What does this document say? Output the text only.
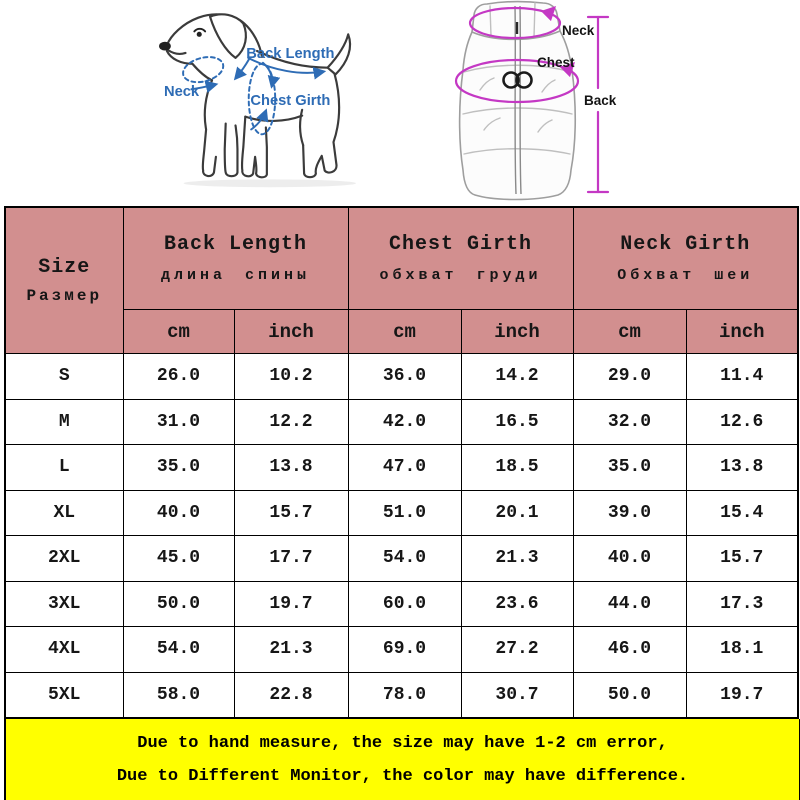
Back Length
Neck
Chest Girth
Neck
Chest
Back
Size
Размер

Back Length
длина спины

Chest Girth
обхват груди

Neck Girth
Обхват шеи

	cm	inch	cm	inch	cm	inch
S	26.0	10.2	36.0	14.2	29.0	11.4
M	31.0	12.2	42.0	16.5	32.0	12.6
L	35.0	13.8	47.0	18.5	35.0	13.8
XL	40.0	15.7	51.0	20.1	39.0	15.4
2XL	45.0	17.7	54.0	21.3	40.0	15.7
3XL	50.0	19.7	60.0	23.6	44.0	17.3
4XL	54.0	21.3	69.0	27.2	46.0	18.1
5XL	58.0	22.8	78.0	30.7	50.0	19.7
Due to hand measure, the size may have 1-2 cm error,
Due to Different Monitor, the color may have difference.
